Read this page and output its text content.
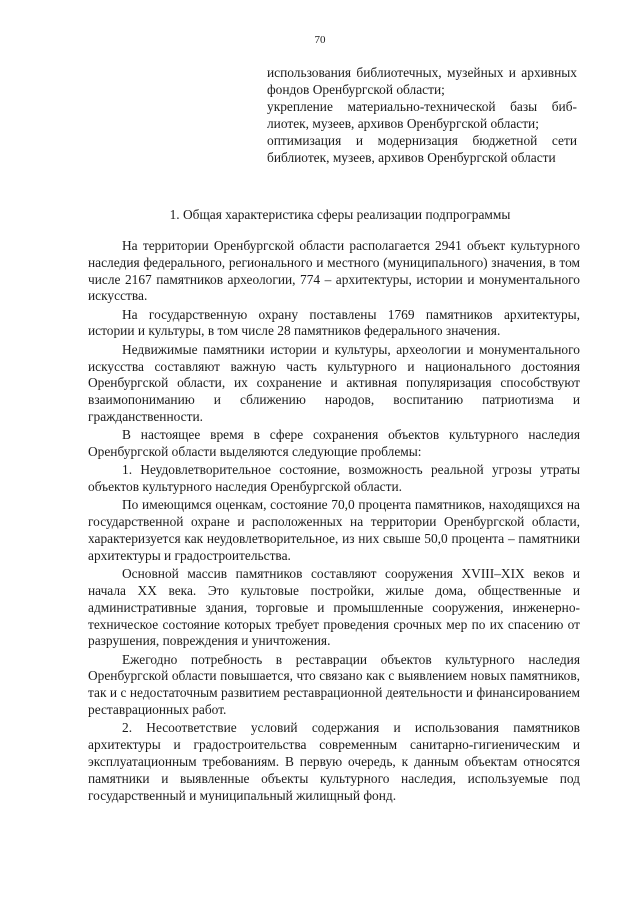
70

использования библиотечных, музейных и архивных фондов Оренбургской области;

укрепление материально-технической базы библиотек, музеев, архивов Оренбургской области;

оптимизация и модернизация бюджетной сети библиотек, музеев, архивов Оренбургской области

1. Общая характеристика сферы реализации подпрограммы

На территории Оренбургской области располагается 2941 объект культурного наследия федерального, регионального и местного (муниципального) значения, в том числе 2167 памятников археологии, 774 – архитектуры, истории и монументального искусства.

На государственную охрану поставлены 1769 памятников архитектуры, истории и культуры, в том числе 28 памятников федерального значения.

Недвижимые памятники истории и культуры, археологии и монументального искусства составляют важную часть культурного и национального достояния Оренбургской области, их сохранение и активная популяризация способствуют взаимопониманию и сближению народов, воспитанию патриотизма и гражданственности.

В настоящее время в сфере сохранения объектов культурного наследия Оренбургской области выделяются следующие проблемы:

1. Неудовлетворительное состояние, возможность реальной угрозы утраты объектов культурного наследия Оренбургской области.

По имеющимся оценкам, состояние 70,0 процента памятников, находящихся на государственной охране и расположенных на территории Оренбургской области, характеризуется как неудовлетворительное, из них свыше 50,0 процента – памятники архитектуры и градостроительства.

Основной массив памятников составляют сооружения XVIII–XIX веков и начала XX века. Это культовые постройки, жилые дома, общественные и административные здания, торговые и промышленные сооружения, инженерно-техническое состояние которых требует проведения срочных мер по их спасению от разрушения, повреждения и уничтожения.

Ежегодно потребность в реставрации объектов культурного наследия Оренбургской области повышается, что связано как с выявлением новых памятников, так и с недостаточным развитием реставрационной деятельности и финансированием реставрационных работ.

2. Несоответствие условий содержания и использования памятников архитектуры и градостроительства современным санитарно-гигиеническим и эксплуатационным требованиям. В первую очередь, к данным объектам относятся памятники и выявленные объекты культурного наследия, используемые под государственный и муниципальный жилищный фонд.
